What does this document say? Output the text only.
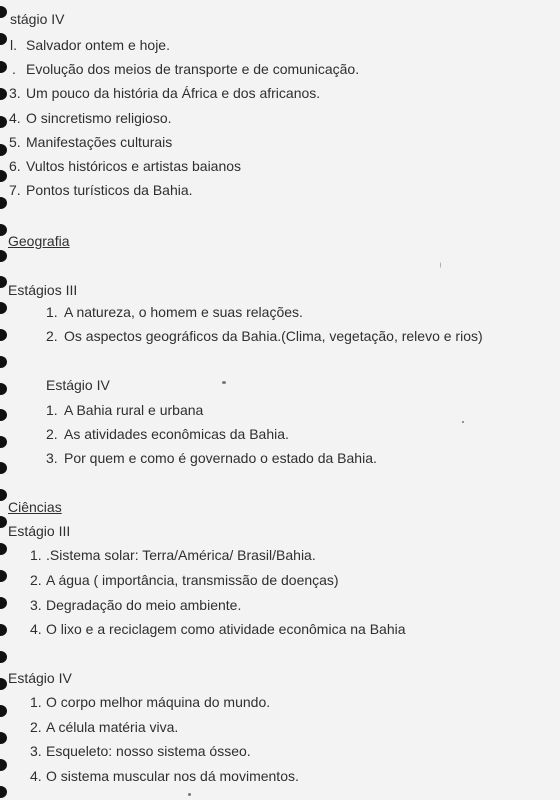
stágio IV
l. Salvador ontem e hoje.
. Evolução dos meios de transporte e de comunicação.
3. Um pouco da história da África e dos africanos.
4. O sincretismo religioso.
5. Manifestações culturais
6. Vultos históricos e artistas baianos
7. Pontos turísticos da Bahia.
Geografia
Estágios III
1. A natureza, o homem e suas relações.
2. Os aspectos geográficos da Bahia.(Clima, vegetação, relevo e rios)
Estágio IV
1. A Bahia rural e urbana
2. As atividades econômicas da Bahia.
3. Por quem e como é governado o estado da Bahia.
Ciências
Estágio III
1. .Sistema solar: Terra/América/ Brasil/Bahia.
2. A água ( importância, transmissão de doenças)
3. Degradação do meio ambiente.
4. O lixo e a reciclagem como atividade econômica na Bahia
Estágio IV
1. O corpo melhor máquina do mundo.
2. A célula matéria viva.
3. Esqueleto: nosso sistema ósseo.
4. O sistema muscular nos dá movimentos.
